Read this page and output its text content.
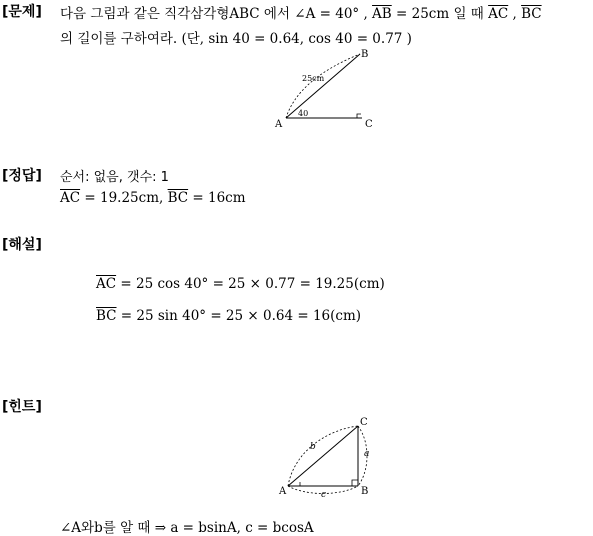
[문제] 다음 그림과 같은 직각삼각형ABC 에서 ∠A = 40° , $\overline{AB} = 25cm$ 일 때 $\overline{AC}$ , $\overline{BC}$
의 길이를 구하여라. (단, sin 40 = 0.64, cos 40 = 0.77 )
A
B
C
25cm
40
[정답] 순서: 없음, 갯수: 1
$\overline{AC} = 19.25cm$, $\overline{BC} = 16cm$
[해설]
$\overline{AC} = 25$ cos 40° = 25 × 0.77 = 19.25(cm)
$\overline{BC} = 25$ sin 40° = 25 × 0.64 = 16(cm)
[힌트]
A	B
C
a
b
c
∠A와b를 알 때 ⇒ a = bsinA, c = bcosA
